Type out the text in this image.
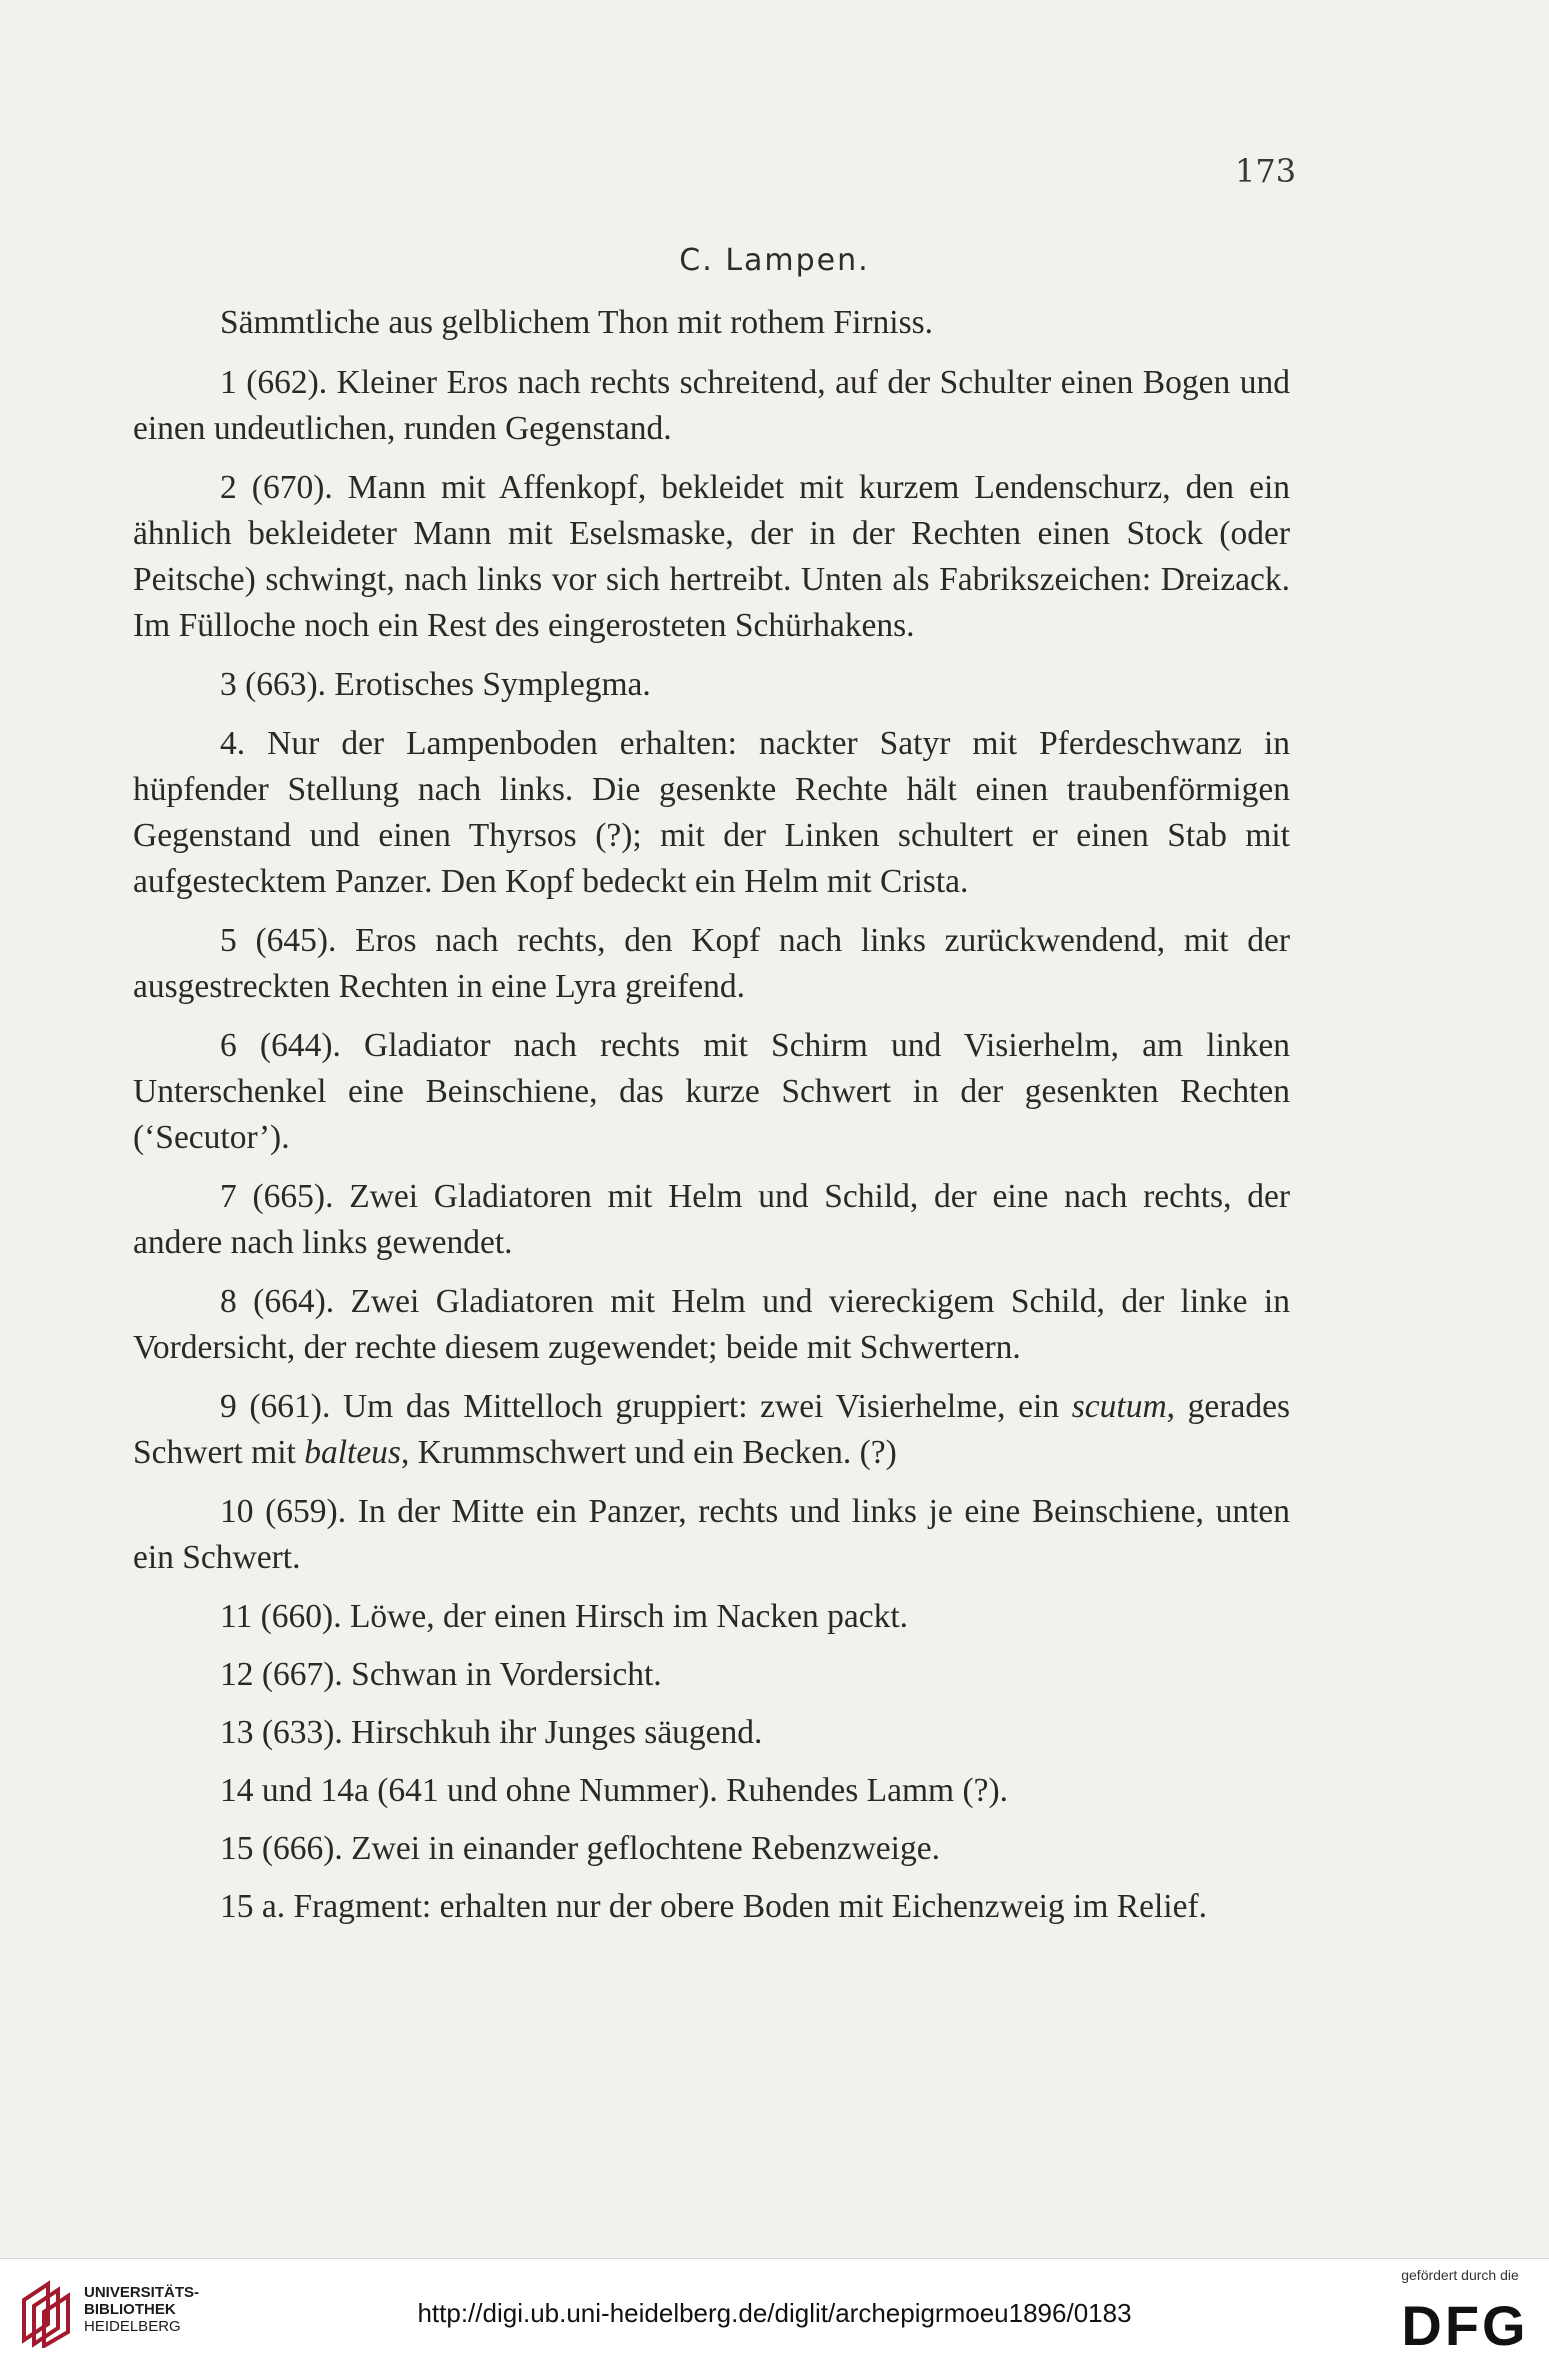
173
C. Lampen.

Sämmtliche aus gelblichem Thon mit rothem Firniss.

1 (662). Kleiner Eros nach rechts schreitend, auf der Schulter einen Bogen und einen undeutlichen, runden Gegenstand.

2 (670). Mann mit Affenkopf, bekleidet mit kurzem Lendenschurz, den ein ähnlich bekleideter Mann mit Eselsmaske, der in der Rechten einen Stock (oder Peitsche) schwingt, nach links vor sich hertreibt. Unten als Fabrikszeichen: Dreizack. Im Fülloche noch ein Rest des eingerosteten Schürhakens.

3 (663). Erotisches Symplegma.

4. Nur der Lampenboden erhalten: nackter Satyr mit Pferdeschwanz in hüpfender Stellung nach links. Die gesenkte Rechte hält einen traubenförmigen Gegenstand und einen Thyrsos (?); mit der Linken schultert er einen Stab mit aufgestecktem Panzer. Den Kopf bedeckt ein Helm mit Crista.

5 (645). Eros nach rechts, den Kopf nach links zurückwendend, mit der ausgestreckten Rechten in eine Lyra greifend.

6 (644). Gladiator nach rechts mit Schirm und Visierhelm, am linken Unterschenkel eine Beinschiene, das kurze Schwert in der gesenkten Rechten (‘Secutor’).

7 (665). Zwei Gladiatoren mit Helm und Schild, der eine nach rechts, der andere nach links gewendet.

8 (664). Zwei Gladiatoren mit Helm und viereckigem Schild, der linke in Vordersicht, der rechte diesem zugewendet; beide mit Schwertern.

9 (661). Um das Mittelloch gruppiert: zwei Visierhelme, ein scutum, gerades Schwert mit balteus, Krummschwert und ein Becken. (?)

10 (659). In der Mitte ein Panzer, rechts und links je eine Beinschiene, unten ein Schwert.

11 (660). Löwe, der einen Hirsch im Nacken packt.

12 (667). Schwan in Vordersicht.

13 (633). Hirschkuh ihr Junges säugend.

14 und 14a (641 und ohne Nummer). Ruhendes Lamm (?).

15 (666). Zwei in einander geflochtene Rebenzweige.

15 a. Fragment: erhalten nur der obere Boden mit Eichenzweig im Relief.

UNIVERSITÄTS-
BIBLIOTHEK
HEIDELBERG	http://digi.ub.uni-heidelberg.de/diglit/archepigrmoeu1896/0183
gefördert durch die
DFG
